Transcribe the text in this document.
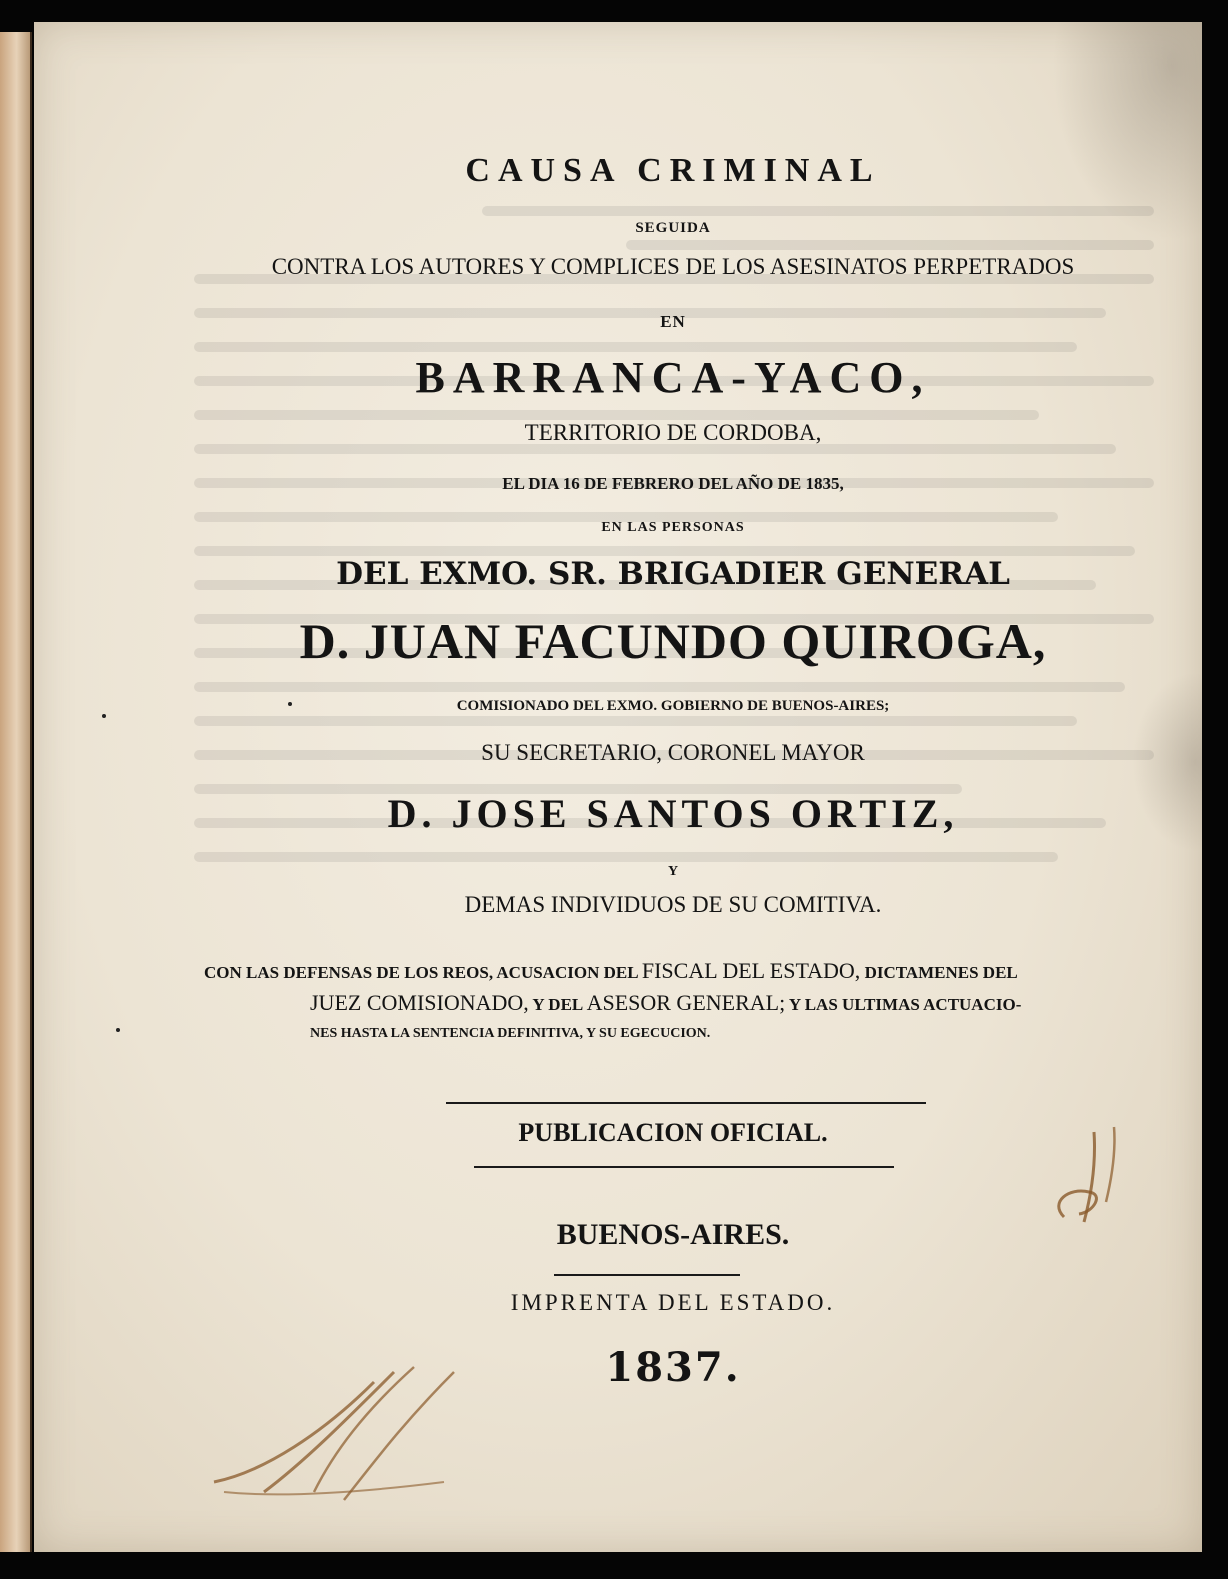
CAUSA CRIMINAL
SEGUIDA
CONTRA LOS AUTORES Y COMPLICES DE LOS ASESINATOS PERPETRADOS
EN
BARRANCA-YACO,
TERRITORIO DE CORDOBA,
EL DIA 16 DE FEBRERO DEL AÑO DE 1835,
EN LAS PERSONAS
DEL EXMO. SR. BRIGADIER GENERAL
D. JUAN FACUNDO QUIROGA,
COMISIONADO DEL EXMO. GOBIERNO DE BUENOS-AIRES;
SU SECRETARIO, CORONEL MAYOR
D. JOSE SANTOS ORTIZ,
Y
DEMAS INDIVIDUOS DE SU COMITIVA.
CON LAS DEFENSAS DE LOS REOS, ACUSACION DEL FISCAL DEL ESTADO, DICTAMENES DEL
JUEZ COMISIONADO, Y DEL ASESOR GENERAL; Y LAS ULTIMAS ACTUACIO-
NES HASTA LA SENTENCIA DEFINITIVA, Y SU EGECUCION.
PUBLICACION OFICIAL.
BUENOS-AIRES.
IMPRENTA DEL ESTADO.
1837.
